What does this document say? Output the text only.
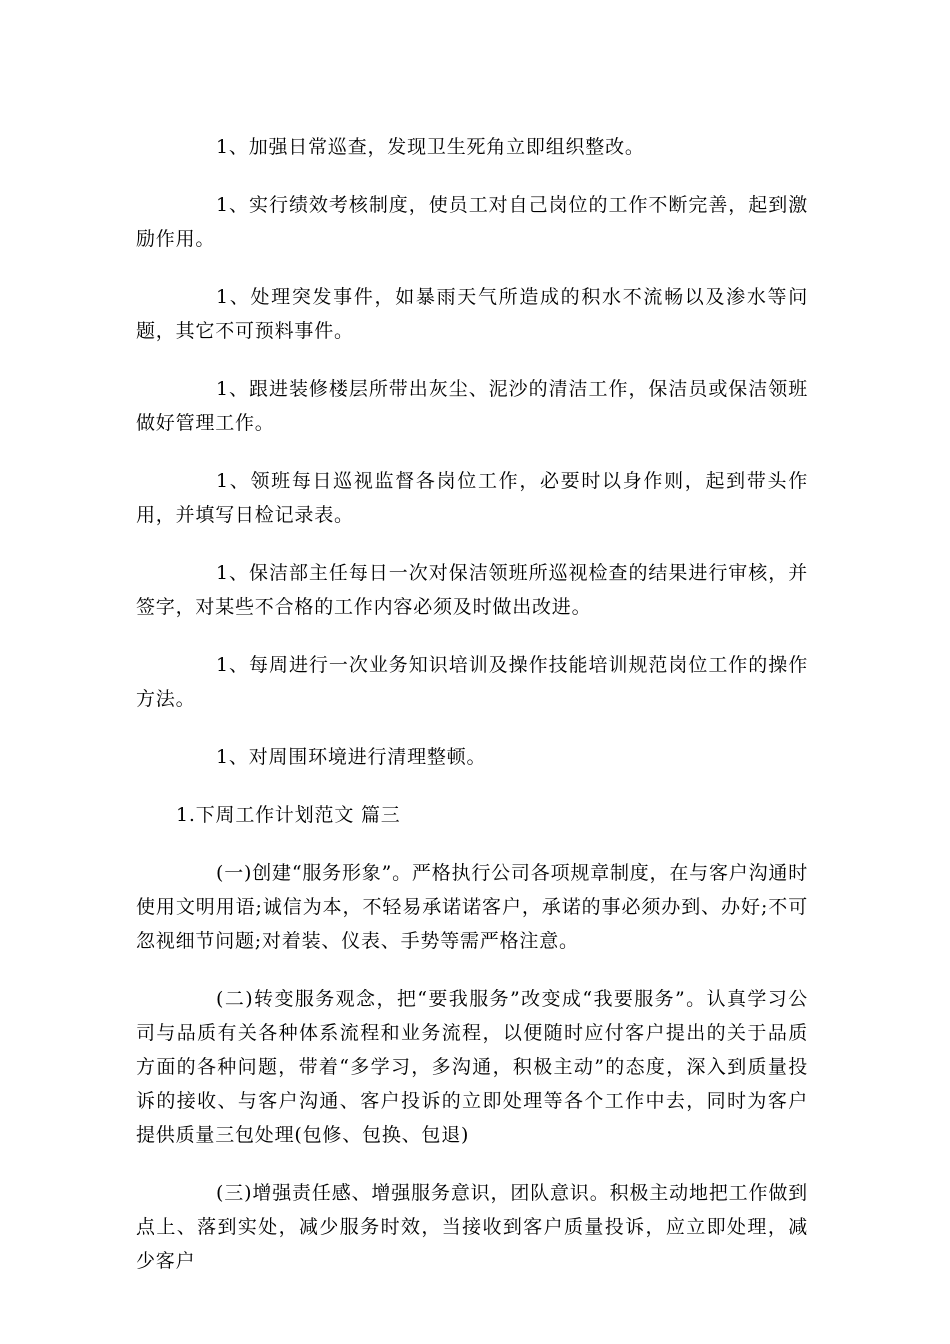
1、加强日常巡查，发现卫生死角立即组织整改。

1、实行绩效考核制度，使员工对自己岗位的工作不断完善，起到激励作用。

1、处理突发事件，如暴雨天气所造成的积水不流畅以及渗水等问题，其它不可预料事件。

1、跟进装修楼层所带出灰尘、泥沙的清洁工作，保洁员或保洁领班做好管理工作。

1、领班每日巡视监督各岗位工作，必要时以身作则，起到带头作用，并填写日检记录表。

1、保洁部主任每日一次对保洁领班所巡视检查的结果进行审核，并签字，对某些不合格的工作内容必须及时做出改进。

1、每周进行一次业务知识培训及操作技能培训规范岗位工作的操作方法。

1、对周围环境进行清理整顿。

1.下周工作计划范文 篇三

(一)创建“服务形象”。严格执行公司各项规章制度，在与客户沟通时使用文明用语;诚信为本，不轻易承诺诺客户，承诺的事必须办到、办好;不可忽视细节问题;对着装、仪表、手势等需严格注意。

(二)转变服务观念，把“要我服务”改变成“我要服务”。认真学习公司与品质有关各种体系流程和业务流程，以便随时应付客户提出的关于品质方面的各种问题，带着“多学习，多沟通，积极主动”的态度，深入到质量投诉的接收、与客户沟通、客户投诉的立即处理等各个工作中去，同时为客户提供质量三包处理(包修、包换、包退)

(三)增强责任感、增强服务意识，团队意识。积极主动地把工作做到点上、落到实处，减少服务时效，当接收到客户质量投诉，应立即处理，减少客户
